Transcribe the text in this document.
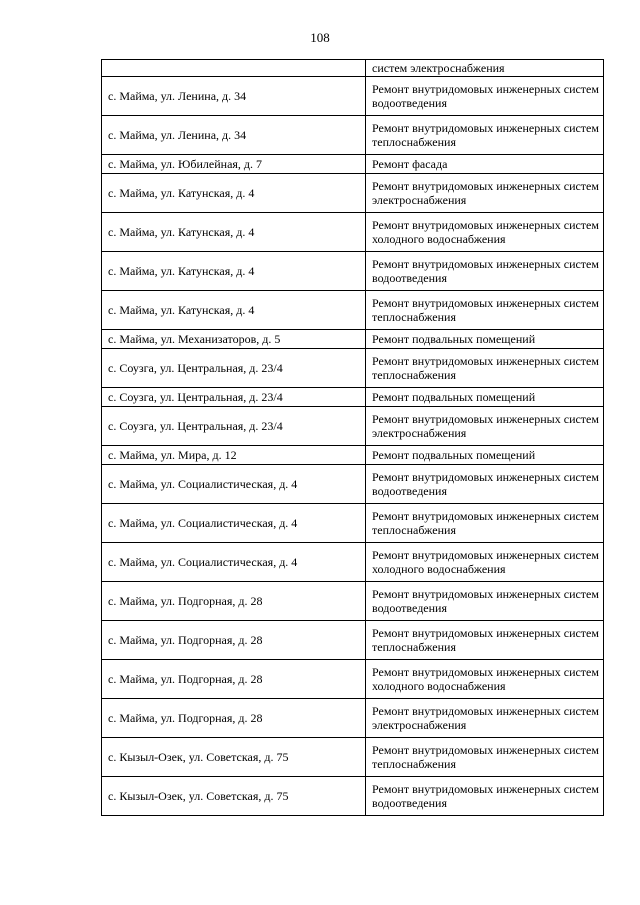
108
	систем электроснабжения
с. Майма, ул. Ленина, д. 34	Ремонт внутридомовых инженерных систем водоотведения
с. Майма, ул. Ленина, д. 34	Ремонт внутридомовых инженерных систем теплоснабжения
с. Майма, ул. Юбилейная, д. 7	Ремонт фасада
с. Майма, ул. Катунская, д. 4	Ремонт внутридомовых инженерных систем электроснабжения
с. Майма, ул. Катунская, д. 4	Ремонт внутридомовых инженерных систем холодного водоснабжения
с. Майма, ул. Катунская, д. 4	Ремонт внутридомовых инженерных систем водоотведения
с. Майма, ул. Катунская, д. 4	Ремонт внутридомовых инженерных систем теплоснабжения
с. Майма, ул. Механизаторов, д. 5	Ремонт подвальных помещений
с. Соузга, ул. Центральная, д. 23/4	Ремонт внутридомовых инженерных систем теплоснабжения
с. Соузга, ул. Центральная, д. 23/4	Ремонт подвальных помещений
с. Соузга, ул. Центральная, д. 23/4	Ремонт внутридомовых инженерных систем электроснабжения
с. Майма, ул. Мира, д. 12	Ремонт подвальных помещений
с. Майма, ул. Социалистическая, д. 4	Ремонт внутридомовых инженерных систем водоотведения
с. Майма, ул. Социалистическая, д. 4	Ремонт внутридомовых инженерных систем теплоснабжения
с. Майма, ул. Социалистическая, д. 4	Ремонт внутридомовых инженерных систем холодного водоснабжения
с. Майма, ул. Подгорная, д. 28	Ремонт внутридомовых инженерных систем водоотведения
с. Майма, ул. Подгорная, д. 28	Ремонт внутридомовых инженерных систем теплоснабжения
с. Майма, ул. Подгорная, д. 28	Ремонт внутридомовых инженерных систем холодного водоснабжения
с. Майма, ул. Подгорная, д. 28	Ремонт внутридомовых инженерных систем электроснабжения
с. Кызыл-Озек, ул. Советская, д. 75	Ремонт внутридомовых инженерных систем теплоснабжения
с. Кызыл-Озек, ул. Советская, д. 75	Ремонт внутридомовых инженерных систем водоотведения
